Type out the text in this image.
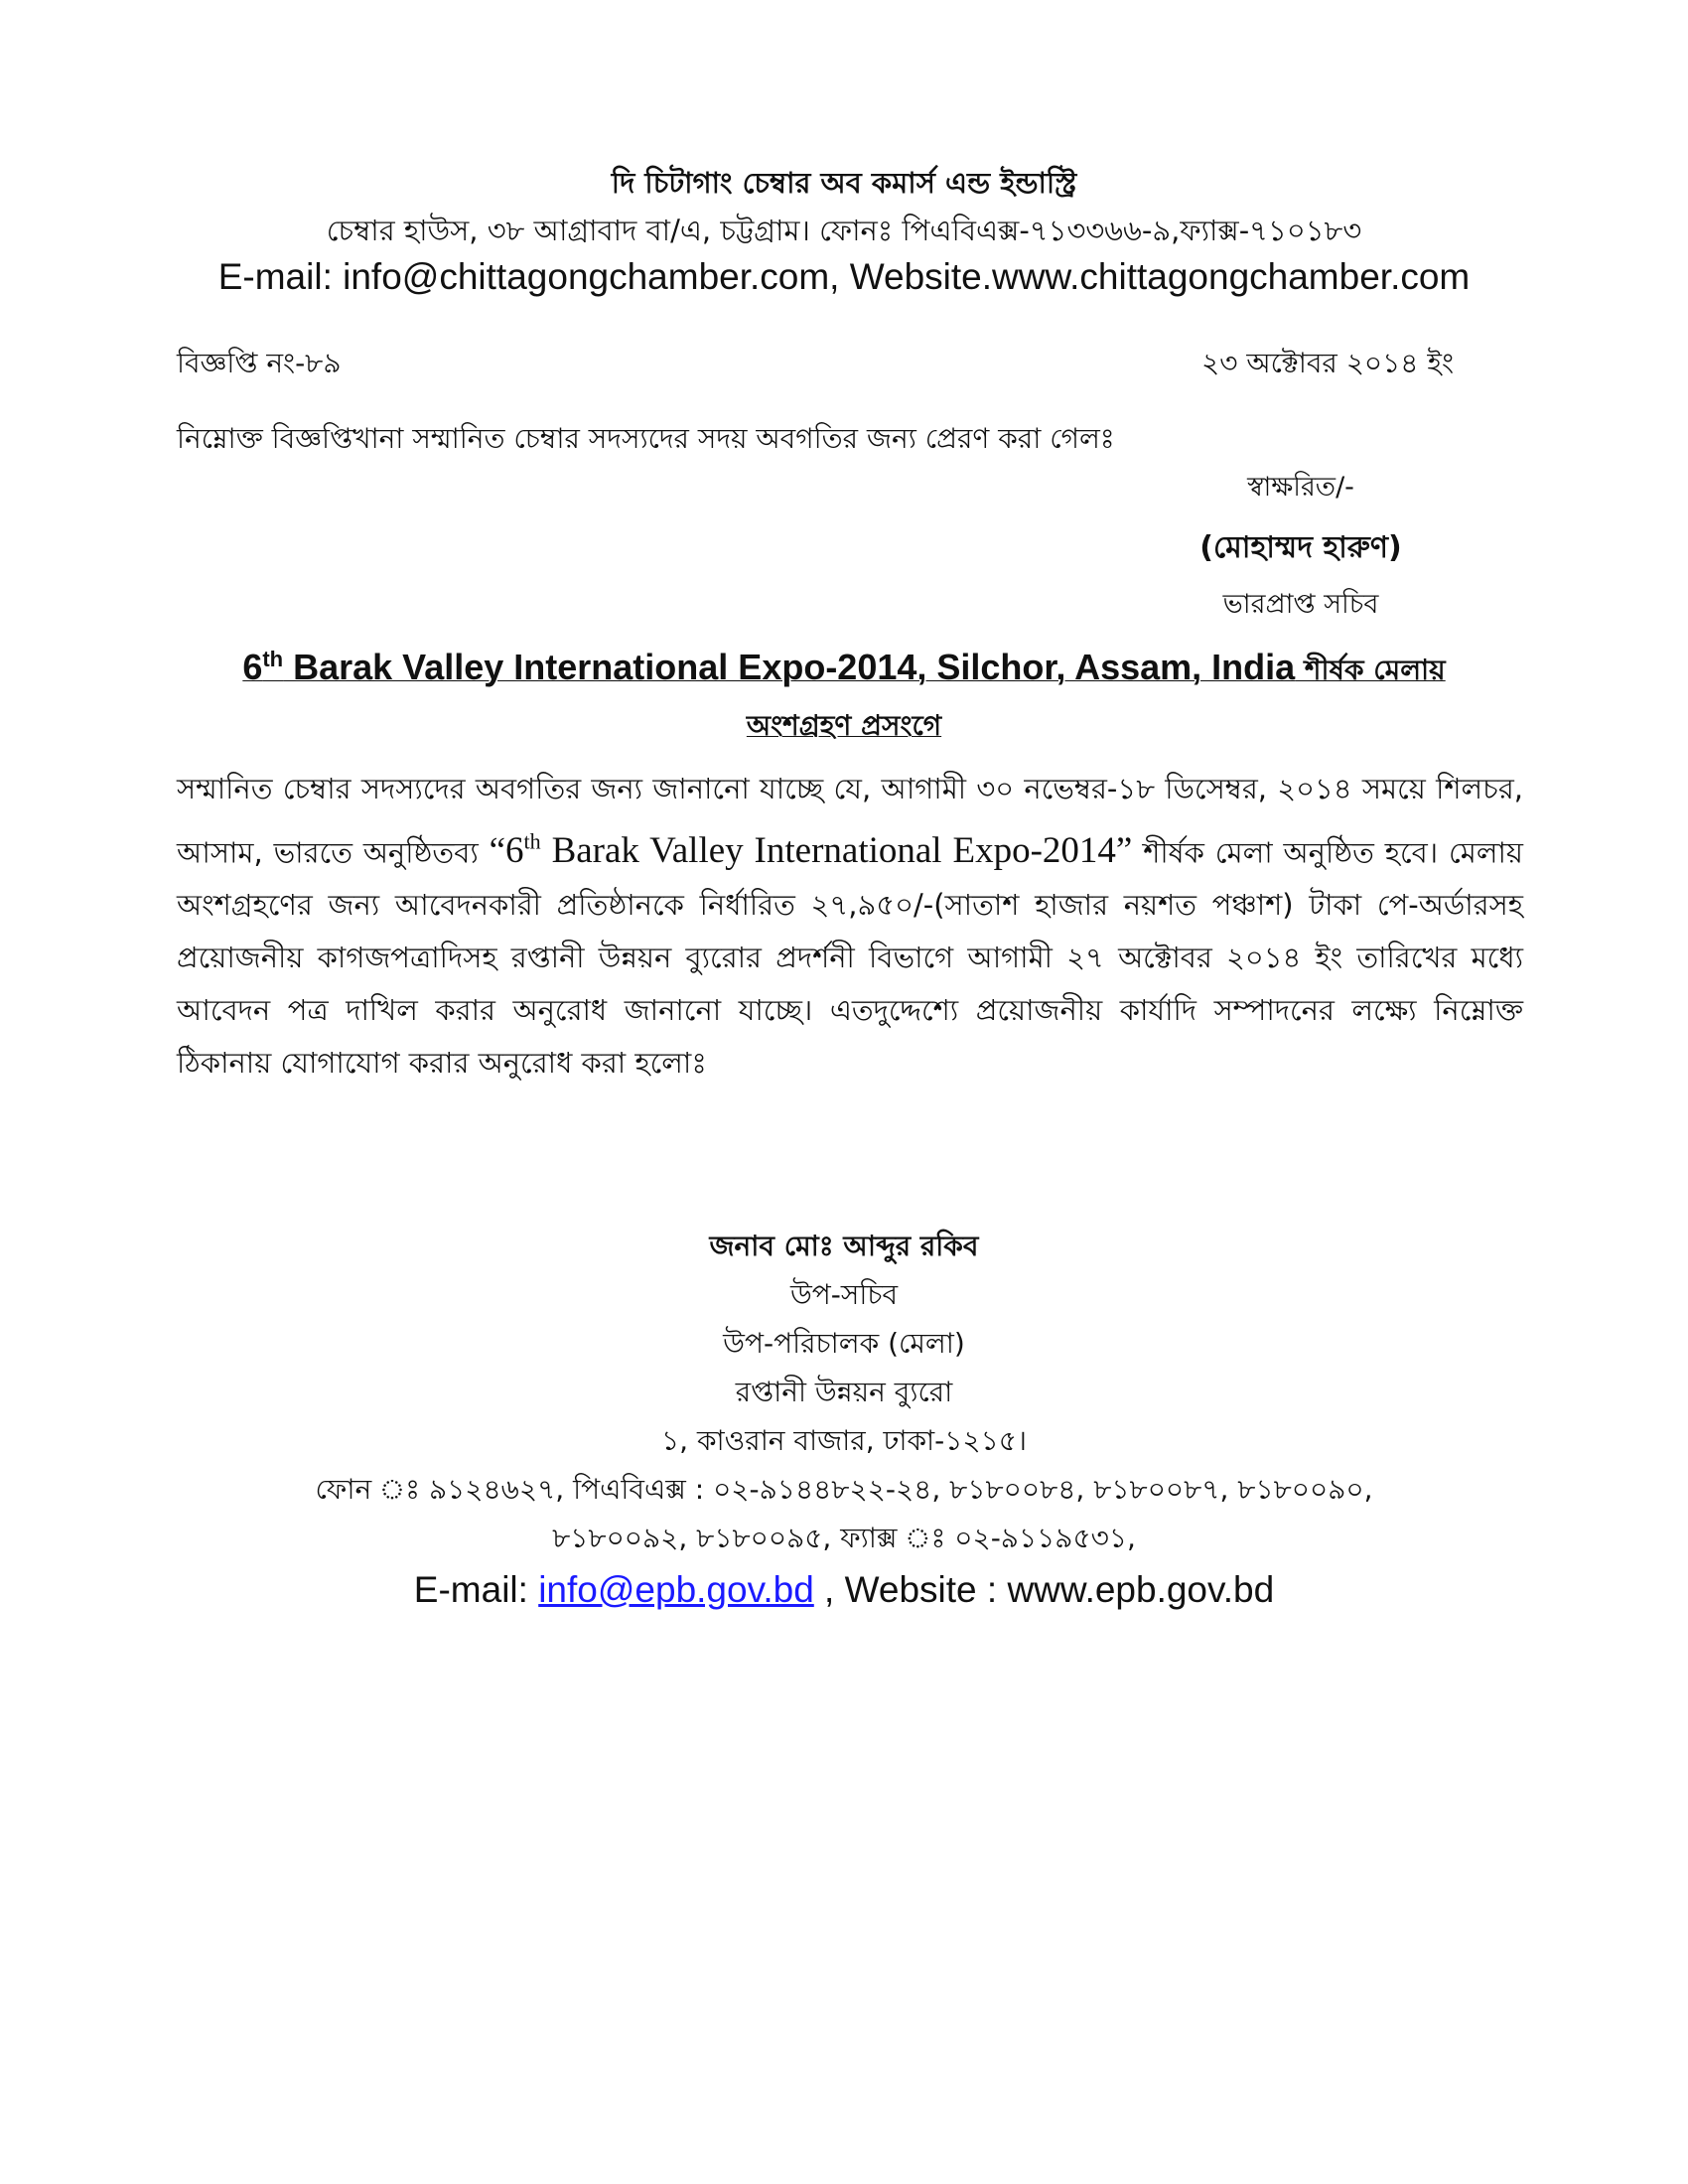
দি চিটাগাং চেম্বার অব কমার্স এন্ড ইন্ডাস্ট্রি
চেম্বার হাউস, ৩৮ আগ্রাবাদ বা/এ, চট্টগ্রাম। ফোনঃ পিএবিএক্স-৭১৩৩৬৬-৯,ফ্যাক্স-৭১০১৮৩
E-mail: info@chittagongchamber.com, Website.www.chittagongchamber.com
বিজ্ঞপ্তি নং-৮৯	২৩ অক্টোবর ২০১৪ ইং
নিম্নোক্ত বিজ্ঞপ্তিখানা সম্মানিত চেম্বার সদস্যদের সদয় অবগতির জন্য প্রেরণ করা গেলঃ
স্বাক্ষরিত/-
(মোহাম্মদ হারুণ)
ভারপ্রাপ্ত সচিব
6th Barak Valley International Expo-2014, Silchor, Assam, India শীর্ষক মেলায়
অংশগ্রহণ প্রসংগে
সম্মানিত চেম্বার সদস্যদের অবগতির জন্য জানানো যাচ্ছে যে, আগামী ৩০ নভেম্বর-১৮ ডিসেম্বর, ২০১৪ সময়ে শিলচর, আসাম, ভারতে অনুষ্ঠিতব্য “6th Barak Valley International Expo-2014” শীর্ষক মেলা অনুষ্ঠিত হবে। মেলায় অংশগ্রহণের জন্য আবেদনকারী প্রতিষ্ঠানকে নির্ধারিত ২৭,৯৫০/-(সাতাশ হাজার নয়শত পঞ্চাশ) টাকা পে-অর্ডারসহ প্রয়োজনীয় কাগজপত্রাদিসহ রপ্তানী উন্নয়ন ব্যুরোর প্রদর্শনী বিভাগে আগামী ২৭ অক্টোবর ২০১৪ ইং তারিখের মধ্যে আবেদন পত্র দাখিল করার অনুরোধ জানানো যাচ্ছে। এতদুদ্দেশ্যে প্রয়োজনীয় কার্যাদি সম্পাদনের লক্ষ্যে নিম্নোক্ত ঠিকানায় যোগাযোগ করার অনুরোধ করা হলোঃ
জনাব মোঃ আব্দুর রকিব
উপ-সচিব
উপ-পরিচালক (মেলা)
রপ্তানী উন্নয়ন ব্যুরো
১, কাওরান বাজার, ঢাকা-১২১৫।
ফোন ঃ ৯১২৪৬২৭, পিএবিএক্স : ০২-৯১৪৪৮২২-২৪, ৮১৮০০৮৪, ৮১৮০০৮৭, ৮১৮০০৯০,
৮১৮০০৯২, ৮১৮০০৯৫, ফ্যাক্স ঃ ০২-৯১১৯৫৩১,
E-mail: info@epb.gov.bd , Website : www.epb.gov.bd
